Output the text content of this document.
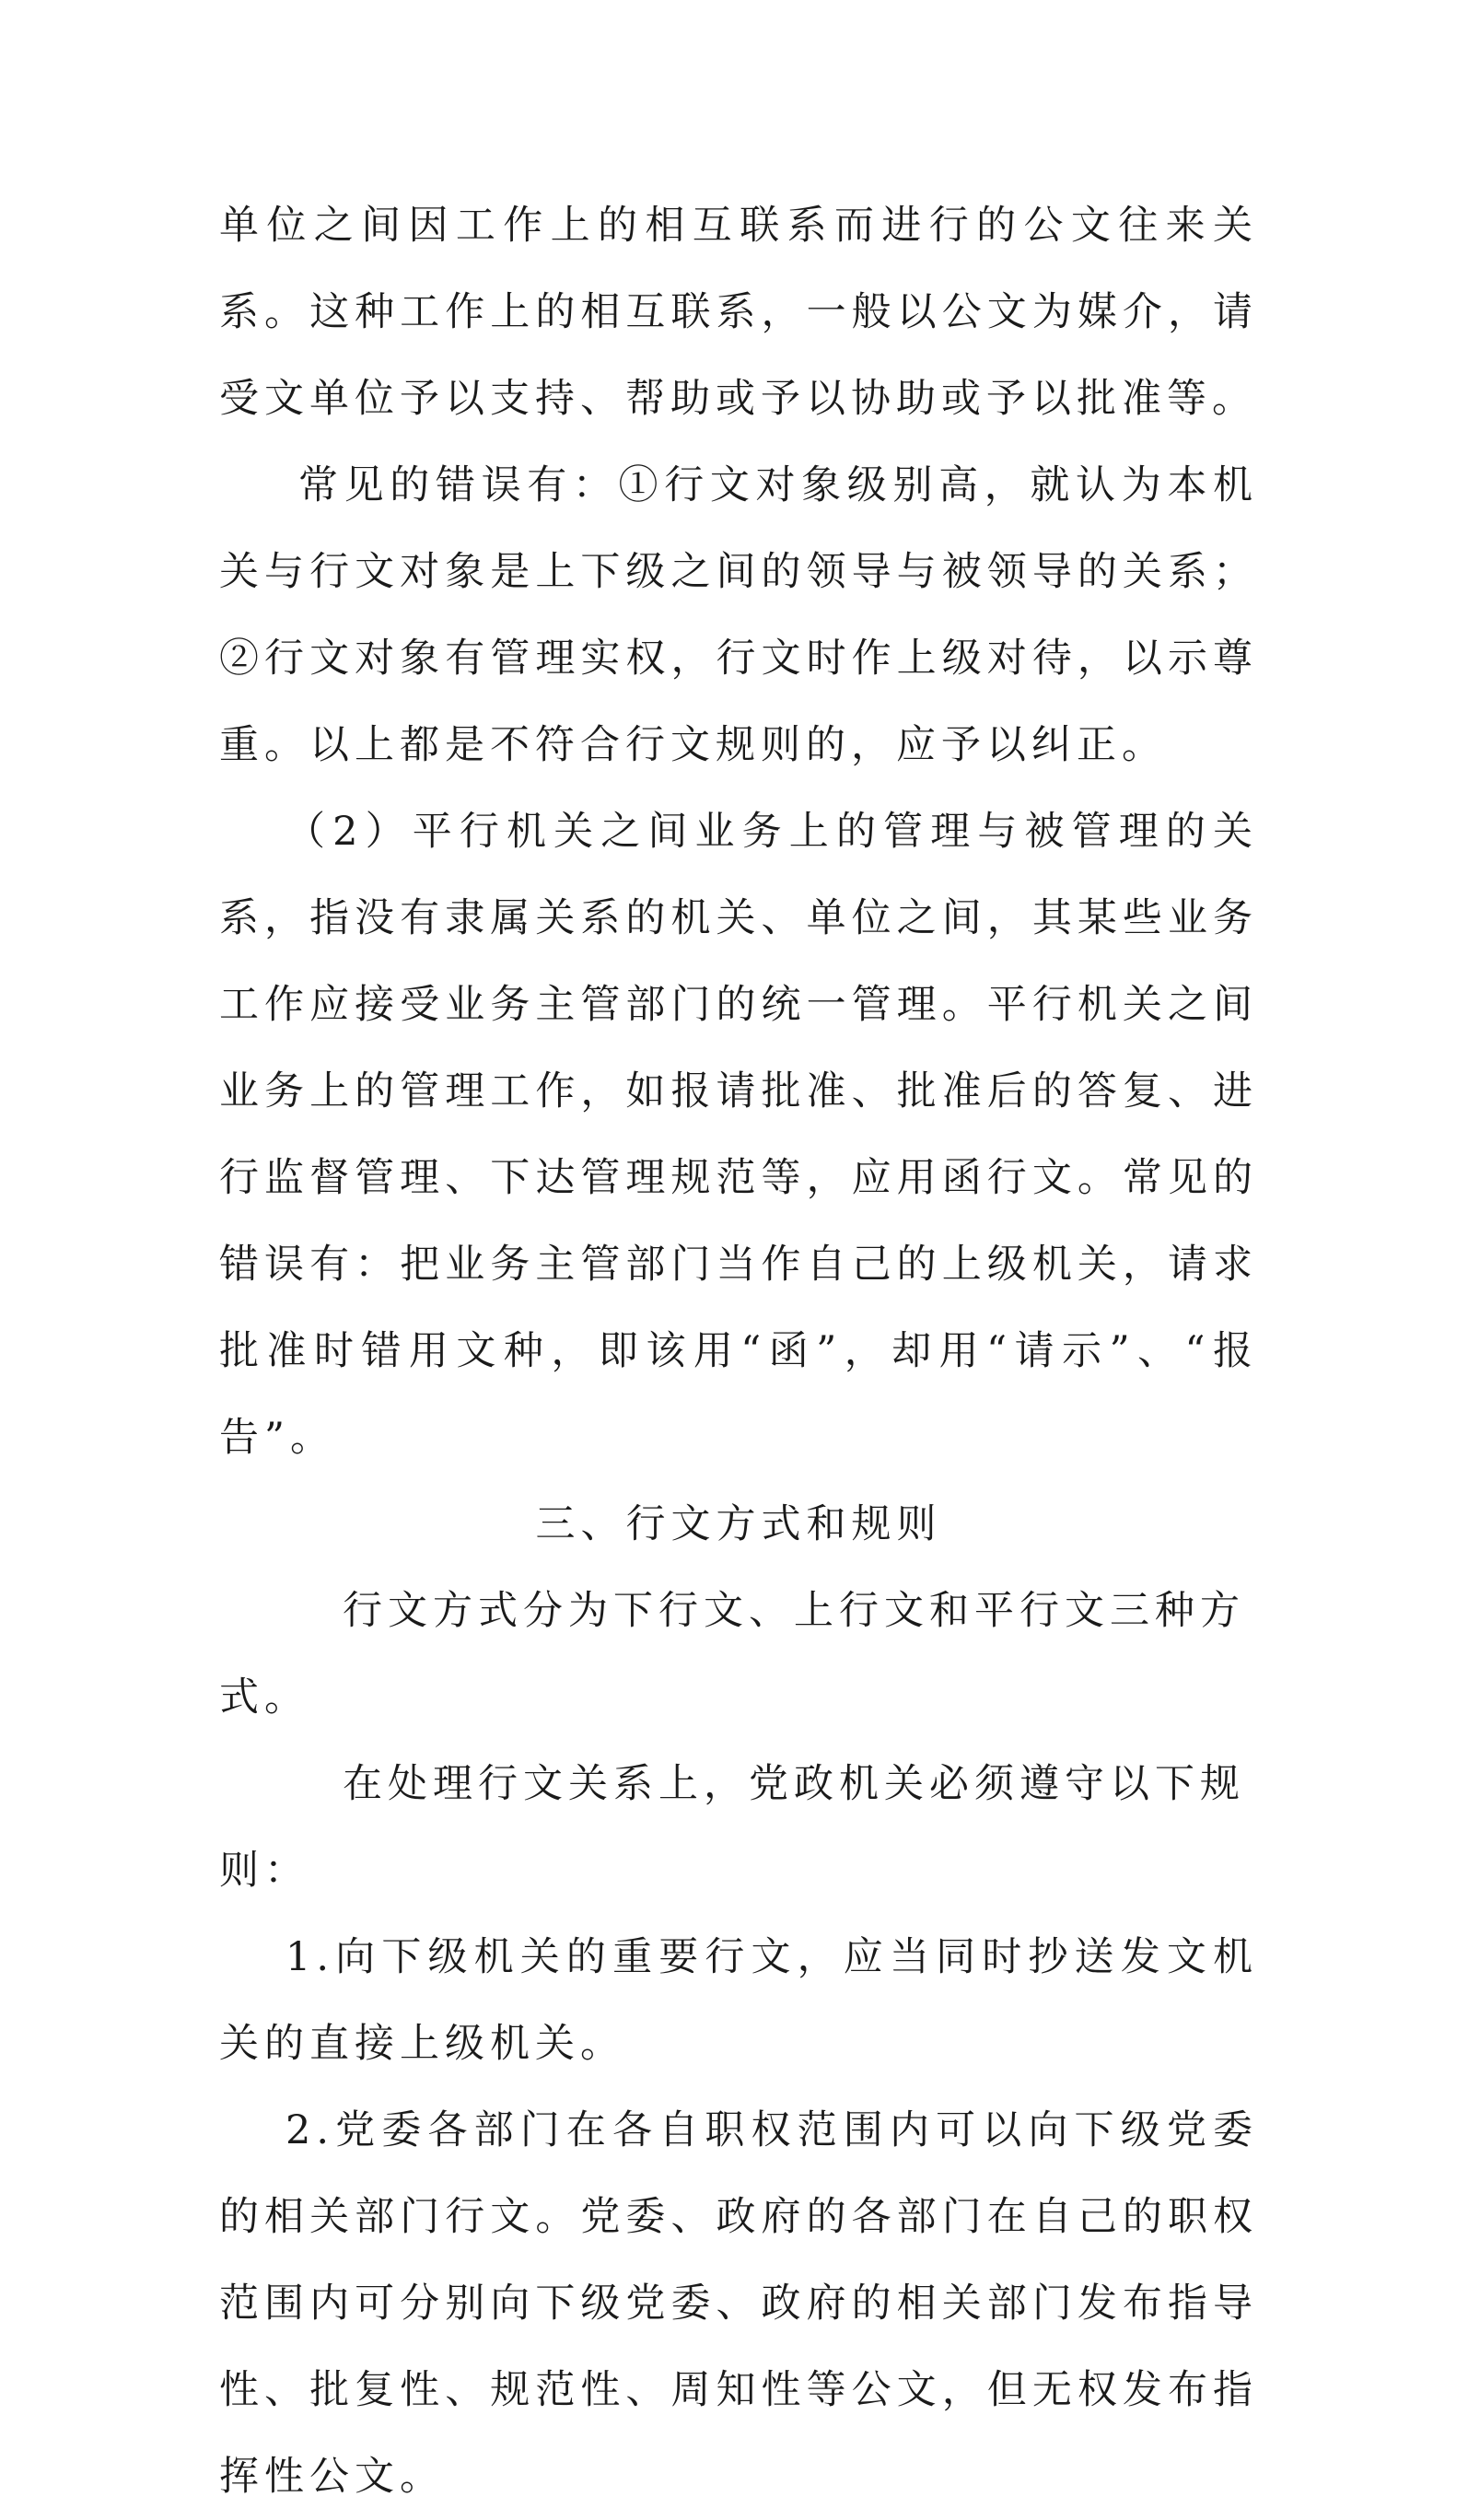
单位之间因工作上的相互联系而进行的公文往来关系。这种工作上的相互联系，一般以公文为媒介，请受文单位予以支持、帮助或予以协助或予以批准等。

常见的错误有：①行文对象级别高，就认为本机关与行文对象是上下级之间的领导与被领导的关系；②行文对象有管理实权，行文时作上级对待，以示尊重。以上都是不符合行文规则的，应予以纠正。

（2）平行机关之间业务上的管理与被管理的关系，指没有隶属关系的机关、单位之间，其某些业务工作应接受业务主管部门的统一管理。平行机关之间业务上的管理工作，如报请批准、批准后的答复、进行监督管理、下达管理规范等，应用函行文。常见的错误有：把业务主管部门当作自己的上级机关，请求批准时错用文种，即该用“函”，却用“请示”、“报告”。

三、行文方式和规则

行文方式分为下行文、上行文和平行文三种方式。

在处理行文关系上，党政机关必须遵守以下规则：

1.向下级机关的重要行文，应当同时抄送发文机关的直接上级机关。

2.党委各部门在各自职权范围内可以向下级党委的相关部门行文。党委、政府的各部门在自己的职权范围内可分别向下级党委、政府的相关部门发布指导性、批复性、规范性、周知性等公文，但无权发布指挥性公文。
